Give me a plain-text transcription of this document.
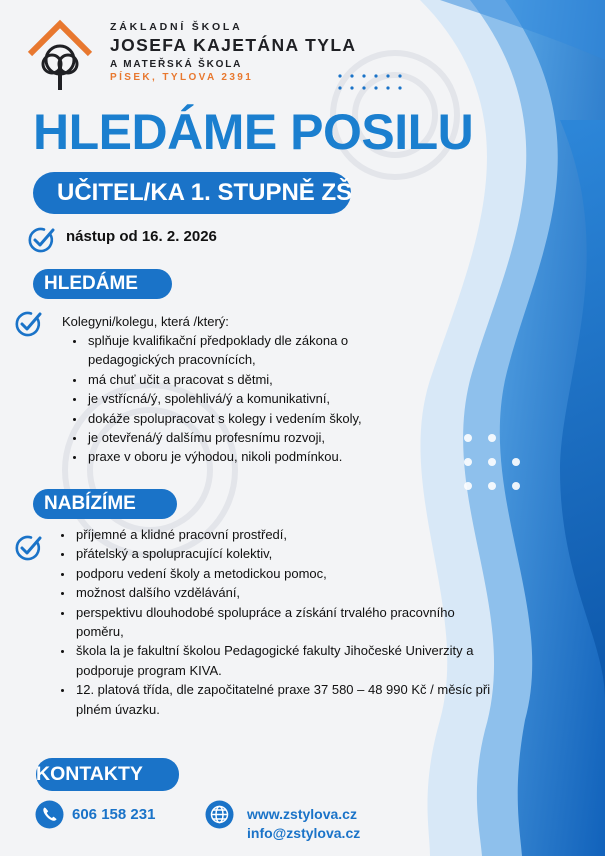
ZÁKLADNÍ ŠKOLA
JOSEFA KAJETÁNA TYLA
A MATEŘSKÁ ŠKOLA
PÍSEK, TYLOVA 2391
HLEDÁME POSILU
UČITEL/KA 1. STUPNĚ ZŠ
nástup od 16. 2. 2026
HLEDÁME
Kolegyni/kolegu, která /který:
• splňuje kvalifikační předpoklady dle zákona o pedagogických pracovnících,
• má chuť učit a pracovat s dětmi,
• je vstřícná/ý, spolehlivá/ý a komunikativní,
• dokáže spolupracovat s kolegy i vedením školy,
• je otevřená/ý dalšímu profesnímu rozvoji,
• praxe v oboru je výhodou, nikoli podmínkou.
NABÍZÍME
• příjemné a klidné pracovní prostředí,
• přátelský a spolupracující kolektiv,
• podporu vedení školy a metodickou pomoc,
• možnost dalšího vzdělávání,
• perspektivu dlouhodobé spolupráce a získání trvalého pracovního poměru,
• škola la je fakultní školou Pedagogické fakulty Jihočeské Univerzity a podporuje program KIVA.
• 12. platová třída, dle započitatelné praxe 37 580 – 48 990 Kč / měsíc při plném úvazku.
KONTAKTY
606 158 231	www.zstylova.cz
info@zstylova.cz
